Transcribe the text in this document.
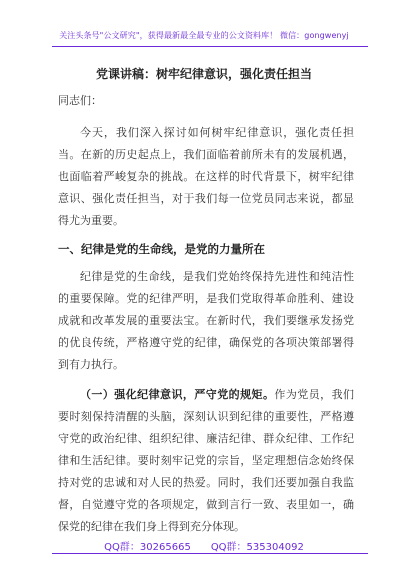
关注头条号"公文研究"，获得最新最全最专业的公文资料库！ 微信：gongwenyj
党课讲稿：树牢纪律意识，强化责任担当

同志们：

今天，我们深入探讨如何树牢纪律意识，强化责任担当。在新的历史起点上，我们面临着前所未有的发展机遇，也面临着严峻复杂的挑战。在这样的时代背景下，树牢纪律意识、强化责任担当，对于我们每一位党员同志来说，都显得尤为重要。

一、纪律是党的生命线，是党的力量所在

纪律是党的生命线，是我们党始终保持先进性和纯洁性的重要保障。党的纪律严明，是我们党取得革命胜利、建设成就和改革发展的重要法宝。在新时代，我们要继承发扬党的优良传统，严格遵守党的纪律，确保党的各项决策部署得到有力执行。

（一）强化纪律意识，严守党的规矩。作为党员，我们要时刻保持清醒的头脑，深刻认识到纪律的重要性，严格遵守党的政治纪律、组织纪律、廉洁纪律、群众纪律、工作纪律和生活纪律。要时刻牢记党的宗旨，坚定理想信念始终保持对党的忠诚和对人民的热爱。同时，我们还要加强自我监督，自觉遵守党的各项规定，做到言行一致、表里如一，确保党的纪律在我们身上得到充分体现。

QQ群：30265665 QQ群：535304092
